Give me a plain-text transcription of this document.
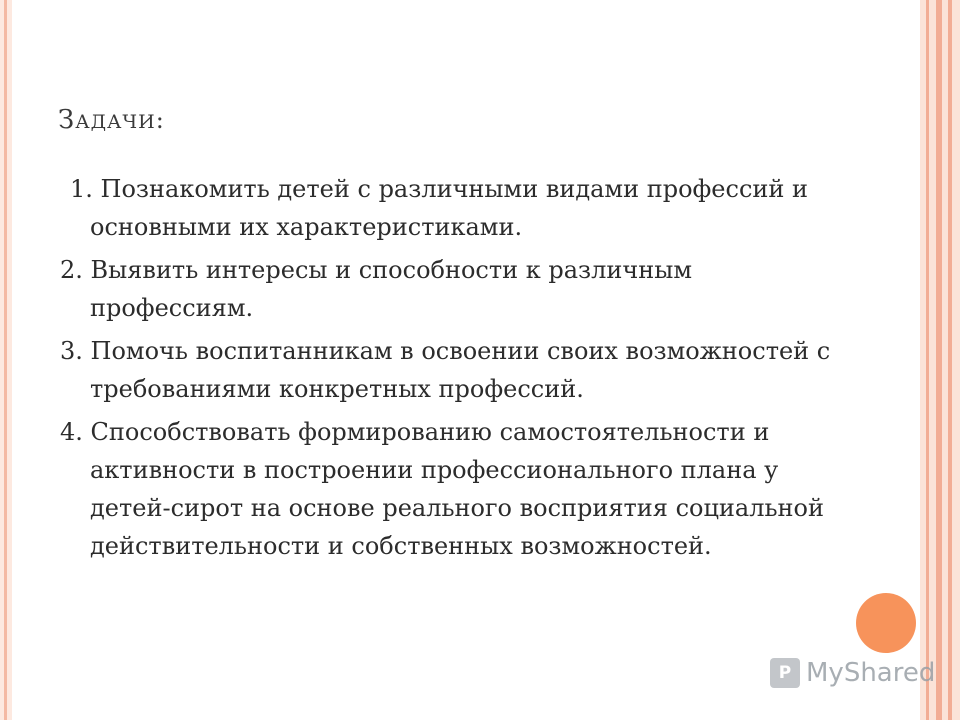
ЗАДАЧИ:

1. Познакомить детей с различными видами профессий и основными их характеристиками.

2. Выявить интересы и способности к различным профессиям.

3. Помочь воспитанникам в освоении своих возможностей с требованиями конкретных профессий.

4. Способствовать формированию самостоятельности и активности в построении профессионального плана у детей-сирот на основе реального восприятия социальной действительности и собственных возможностей.

P MyShared
